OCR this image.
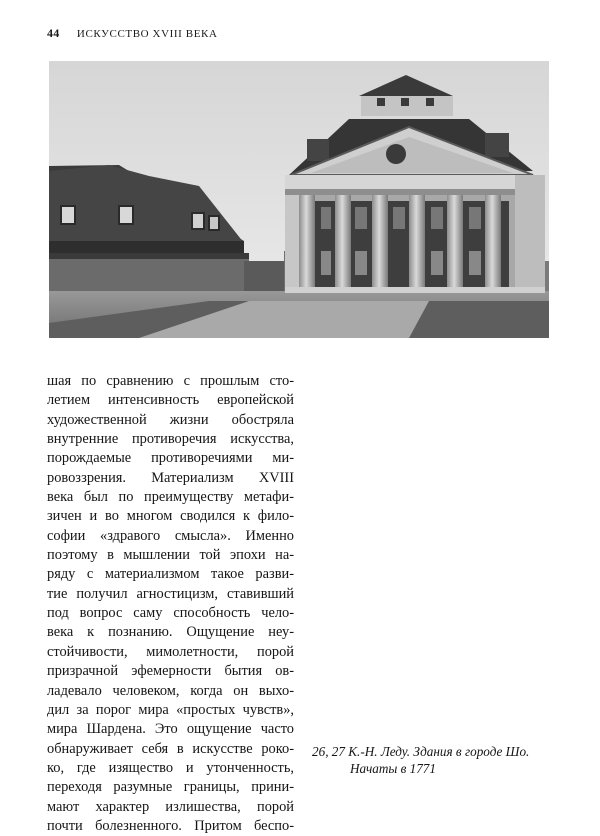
44 ИСКУССТВО XVIII ВЕКА
шая по сравнению с прошлым сто-
летием интенсивность европейской
художественной жизни обостряла
внутренние противоречия искусства,
порождаемые противоречиями ми-
ровоззрения. Материализм XVIII
века был по преимуществу метафи-
зичен и во многом сводился к фило-
софии «здравого смысла». Именно
поэтому в мышлении той эпохи на-
ряду с материализмом такое разви-
тие получил агностицизм, ставивший
под вопрос саму способность чело-
века к познанию. Ощущение неу-
стойчивости, мимолетности, порой
призрачной эфемерности бытия ов-
ладевало человеком, когда он выхо-
дил за порог мира «простых чувств»,
мира Шардена. Это ощущение часто
обнаруживает себя в искусстве роко-
ко, где изящество и утонченность,
переходя разумные границы, прини-
мают характер излишества, порой
почти болезненного. Притом беспо-
26, 27 К.-Н. Леду. Здания в городе Шо.
Начаты в 1771
